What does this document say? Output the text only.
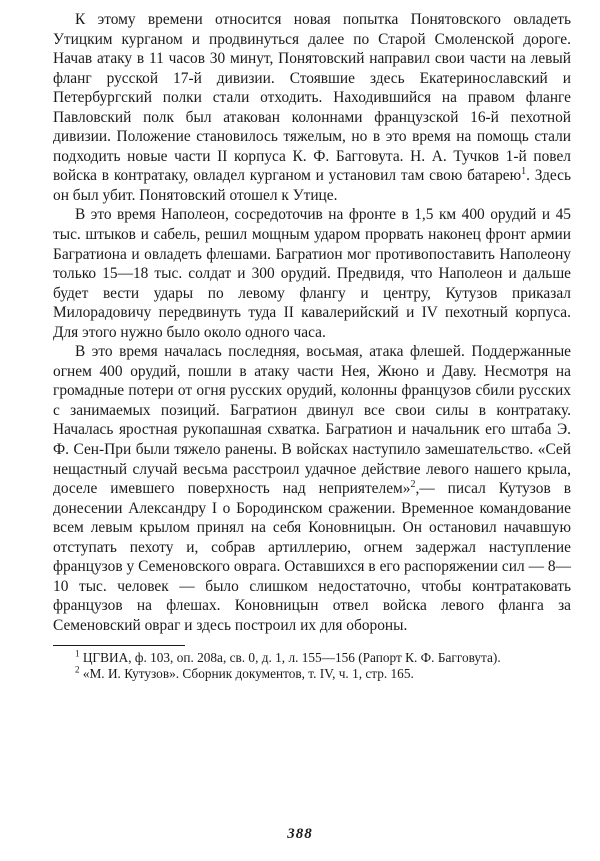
К этому времени относится новая попытка Понятовского овладеть Утицким курганом и продвинуться далее по Старой Смоленской дороге. Начав атаку в 11 часов 30 минут, Понятовский направил свои части на левый фланг русской 17-й дивизии. Стоявшие здесь Екатеринославский и Петербургский полки стали отходить. Находившийся на правом фланге Павловский полк был атакован колоннами французской 16-й пехотной дивизии. Положение становилось тяжелым, но в это время на помощь стали подходить новые части II корпуса К. Ф. Багговута. Н. А. Тучков 1-й повел войска в контратаку, овладел курганом и установил там свою батарею$^1$. Здесь он был убит. Понятовский отошел к Утице.

В это время Наполеон, сосредоточив на фронте в 1,5 км 400 орудий и 45 тыс. штыков и сабель, решил мощным ударом прорвать наконец фронт армии Багратиона и овладеть флешами. Багратион мог противопоставить Наполеону только 15—18 тыс. солдат и 300 орудий. Предвидя, что Наполеон и дальше будет вести удары по левому флангу и центру, Кутузов приказал Милорадовичу передвинуть туда II кавалерийский и IV пехотный корпуса. Для этого нужно было около одного часа.

В это время началась последняя, восьмая, атака флешей. Поддержанные огнем 400 орудий, пошли в атаку части Нея, Жюно и Даву. Несмотря на громадные потери от огня русских орудий, колонны французов сбили русских с занимаемых позиций. Багратион двинул все свои силы в контратаку. Началась яростная рукопашная схватка. Багратион и начальник его штаба Э. Ф. Сен-При были тяжело ранены. В войсках наступило замешательство. «Сей нещастный случай весьма расстроил удачное действие левого нашего крыла, доселе имевшего поверхность над неприятелем»$^2$,— писал Кутузов в донесении Александру I о Бородинском сражении. Временное командование всем левым крылом принял на себя Коновницын. Он остановил начавшую отступать пехоту и, собрав артиллерию, огнем задержал наступление французов у Семеновского оврага. Оставшихся в его распоряжении сил — 8—10 тыс. человек — было слишком недостаточно, чтобы контратаковать французов на флешах. Коновницын отвел войска левого фланга за Семеновский овраг и здесь построил их для обороны.

$^1$ ЦГВИА, ф. 103, оп. 208а, св. 0, д. 1, л. 155—156 (Рапорт К. Ф. Багговута).

$^2$ «М. И. Кутузов». Сборник документов, т. IV, ч. 1, стр. 165.

388
